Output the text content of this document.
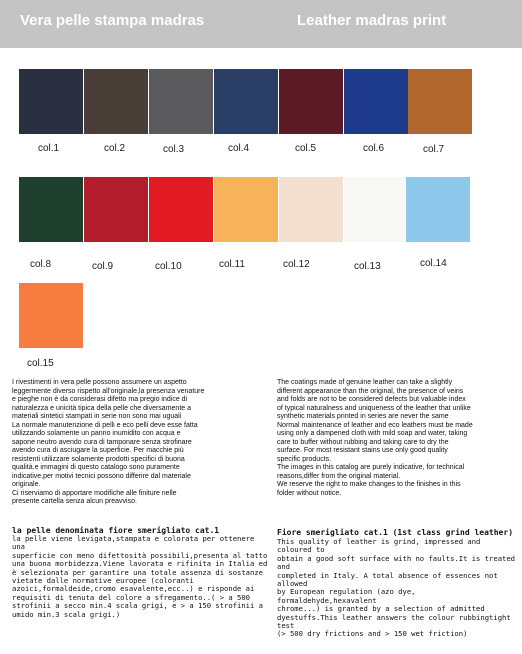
Vera pelle stampa madras	Leather madras print
col.1	col.2	col.3	col.4	col.5	col.6	col.7
col.8	col.9	col.10	col.11	col.12	col.13	col.14
col.15
I rivestimenti in vera pelle possono assumere un aspetto
leggermente diverso rispetto all'originale,la presenza venature
e pieghe non è da considerasi difetto ma pregio indice di
naturalezza e unicità tipica della pelle che diversamente a
materiali sintetici stampati in serie non sono mai uguali
La normale manutenzione di pelli e eco pelli deve esse fatta
utilizzando solamente un panno inumidito con acqua e
sapone neutro avendo cura di tamponare senza strofinare
avendo cura di asciugare la superficie. Per macchie più
resistenti utilizzare solamente prodotti specifici di buona
qualità.e immagini di questo catalogo sono puramente
indicative,per motivi tecnici possono differire dal materiale
originale.
Ci riserviamo di apportare modifiche alle finiture nelle
presente cartella senza alcun preavviso.
The coatings made of genuine leather can take a slightly
different appearance than the original, the presence of veins
and folds are not to be considered defects but valuable index
of typical naturalness and uniqueness of the leather that unlike
synthetic materials printed in series are never the same
Normal maintenance of leather and eco leathers must be made
using only a dampened cloth with mild soap and water, taking
care to buffer without rubbing and taking care to dry the
surface. For most resistant stains use only good quality
specific products.
The images in this catalog are purely indicative, for technical
reasons,differ from the original material.
We reserve the right to make changes to the finishes in this
folder without notice.
la pelle denominata fiore smerigliato cat.1
la pelle viene levigata,stampata e colorata per ottenere una
superficie con meno difettosità possibili,presenta al tatto
una buona morbidezza.Viene lavorata e rifinita in Italia ed
è selezionata per garantire una totale assenza di sostanze
vietate dalle normative europee (coloranti
azoici,formaldeide,cromo esavalente,ecc..) e risponde ai
requisiti di tenuta del colore a sfregamento..( > a 500
strofinii a secco min.4 scala grigi, e > a 150 strofinii a
umido min.3 scala grigi.)
Fiore smerigliato cat.1 (1st class grind leather)
This quality of leather is grind, impressed and coloured to
obtain a good soft surface with no faults.It is treated and
completed in Italy. A total absence of essences not allowed
by European regulation (azo dye, formaldehyde,hexavalent
chrome...) is granted by a selection of admitted
dyestuffs.This leather answers the colour rubbingtight test
(> 500 dry frictions and > 150 wet friction)
